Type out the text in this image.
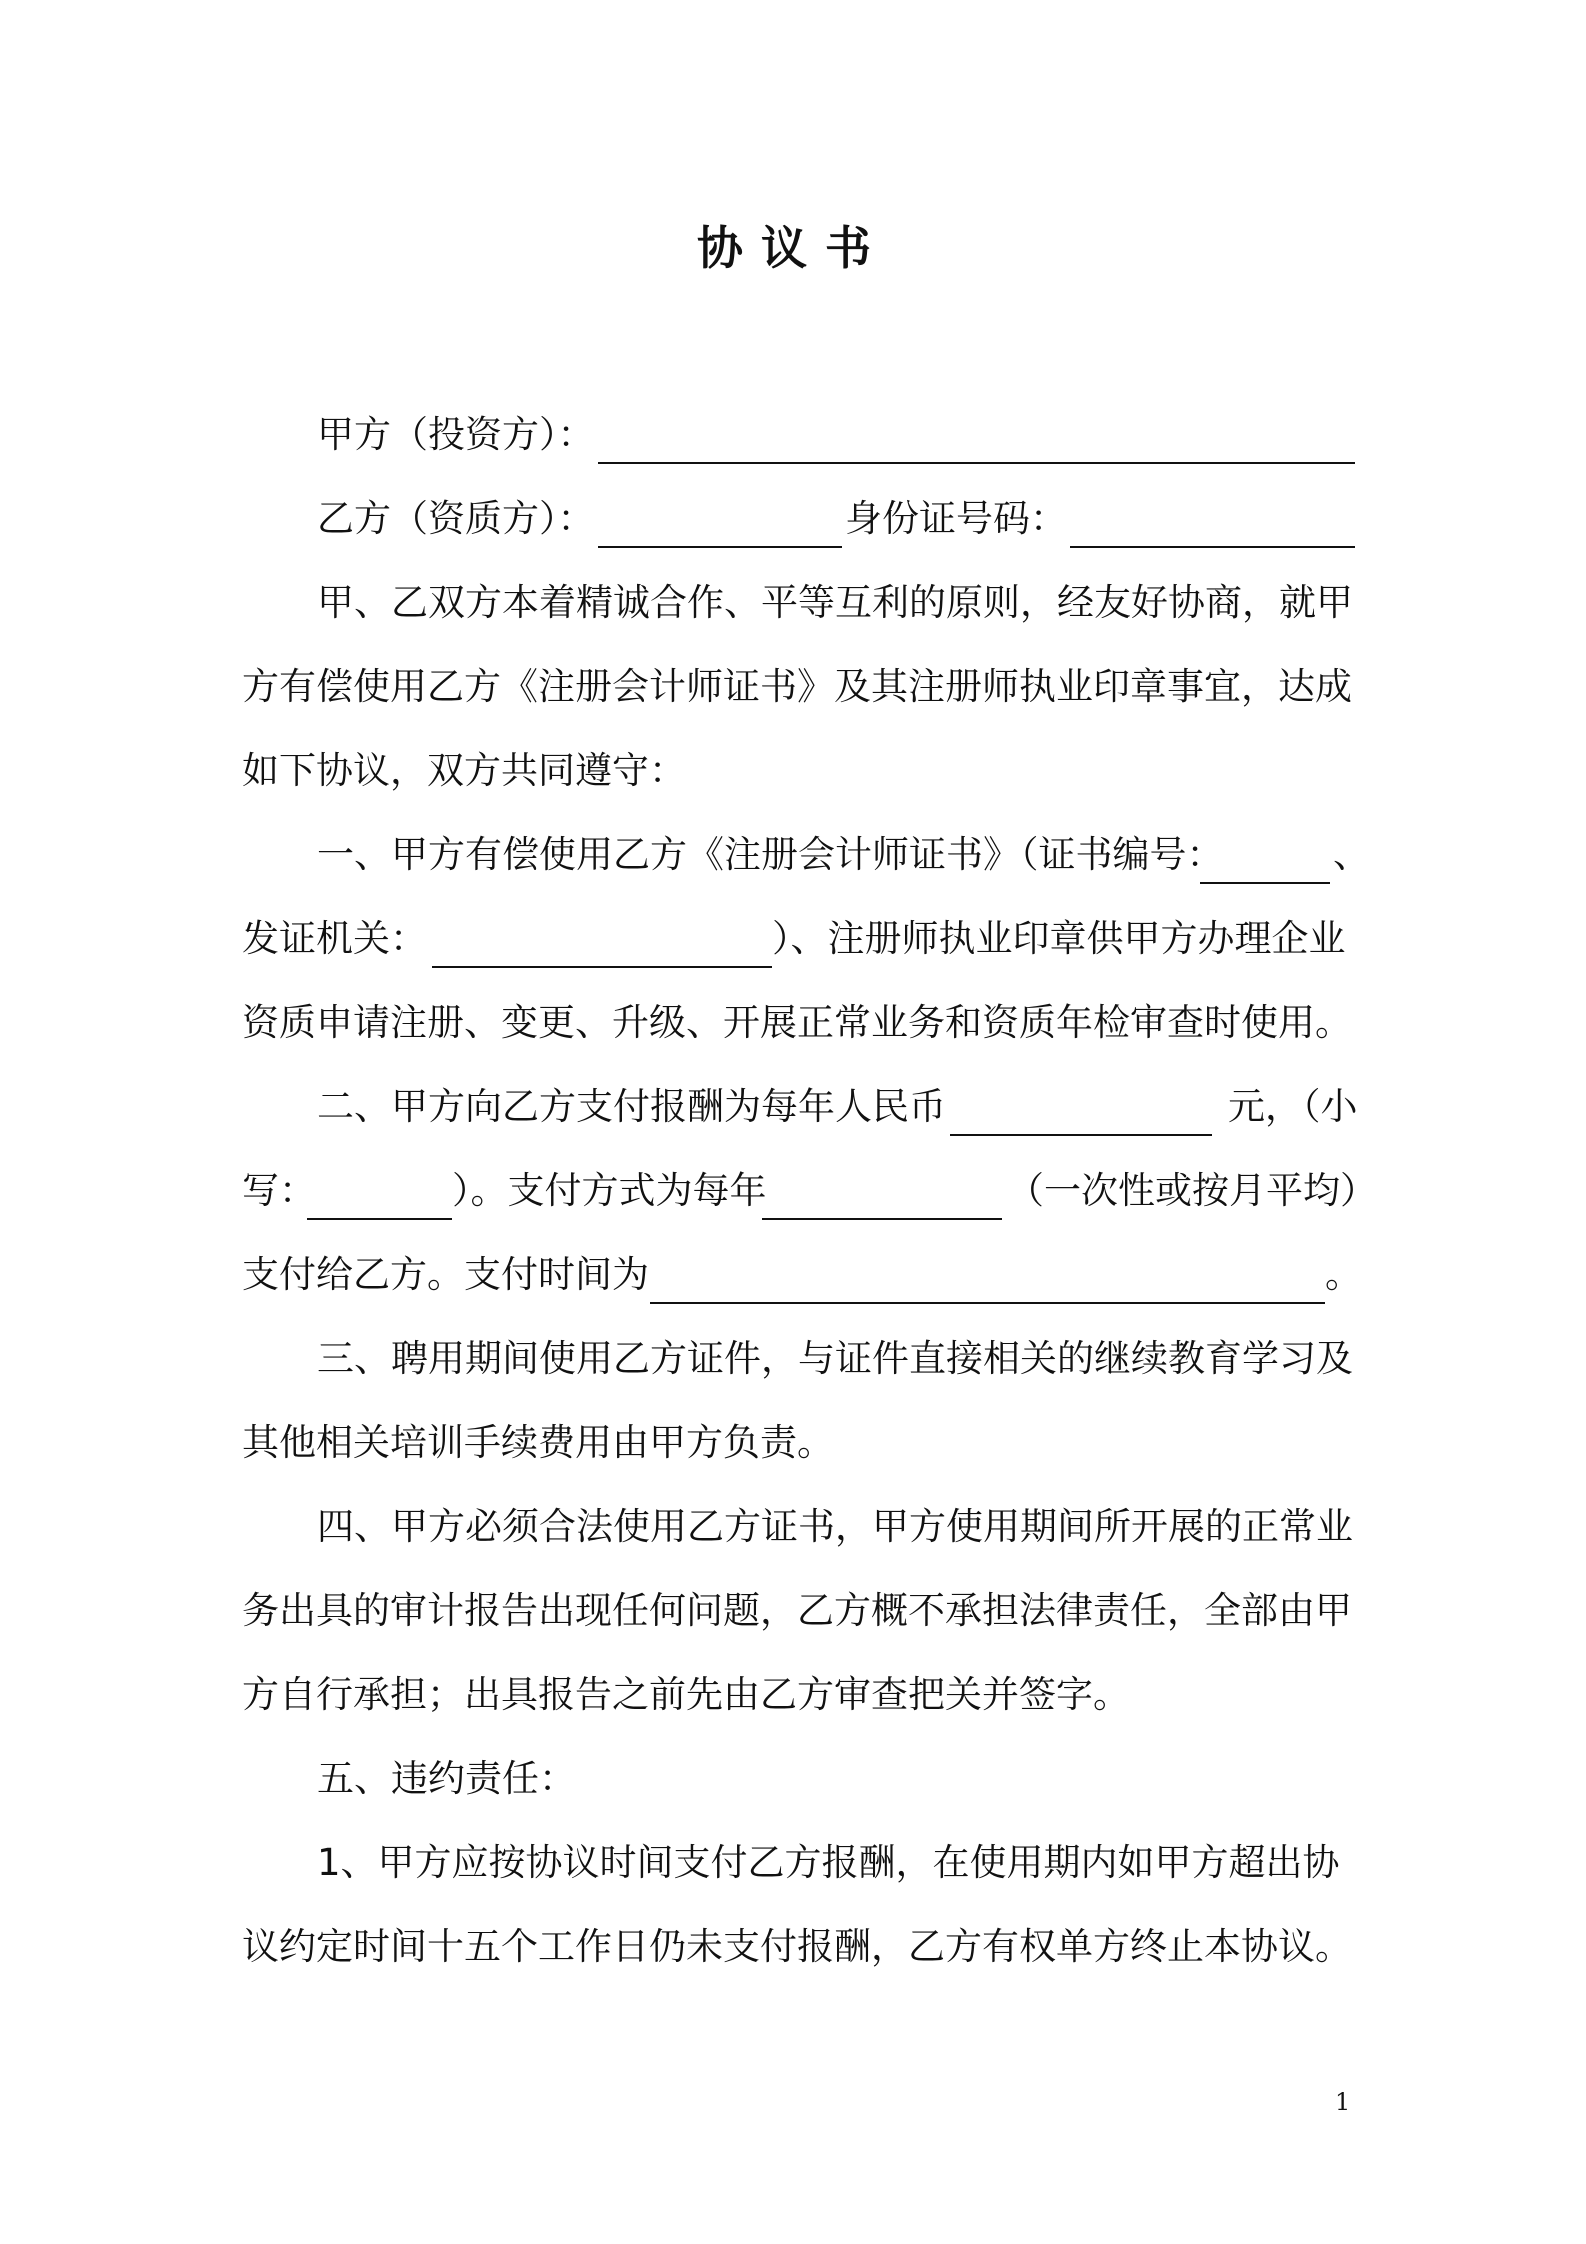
协议书
甲方（投资方）：
乙方（资质方）：	身份证号码：
甲、乙双方本着精诚合作、平等互利的原则，经友好协商，就甲
方有偿使用乙方《注册会计师证书》及其注册师执业印章事宜，达成
如下协议，双方共同遵守：
一、甲方有偿使用乙方《注册会计师证书》（证书编号：	、
发证机关：	）、注册师执业印章供甲方办理企业
资质申请注册、变更、升级、开展正常业务和资质年检审查时使用。
二、甲方向乙方支付报酬为每年人民币	元，（小
写：	）。支付方式为每年	（一次性或按月平均）
支付给乙方。支付时间为	。
三、聘用期间使用乙方证件，与证件直接相关的继续教育学习及
其他相关培训手续费用由甲方负责。
四、甲方必须合法使用乙方证书，甲方使用期间所开展的正常业
务出具的审计报告出现任何问题，乙方概不承担法律责任，全部由甲
方自行承担；出具报告之前先由乙方审查把关并签字。
五、违约责任：
1、甲方应按协议时间支付乙方报酬，在使用期内如甲方超出协
议约定时间十五个工作日仍未支付报酬，乙方有权单方终止本协议。
1
